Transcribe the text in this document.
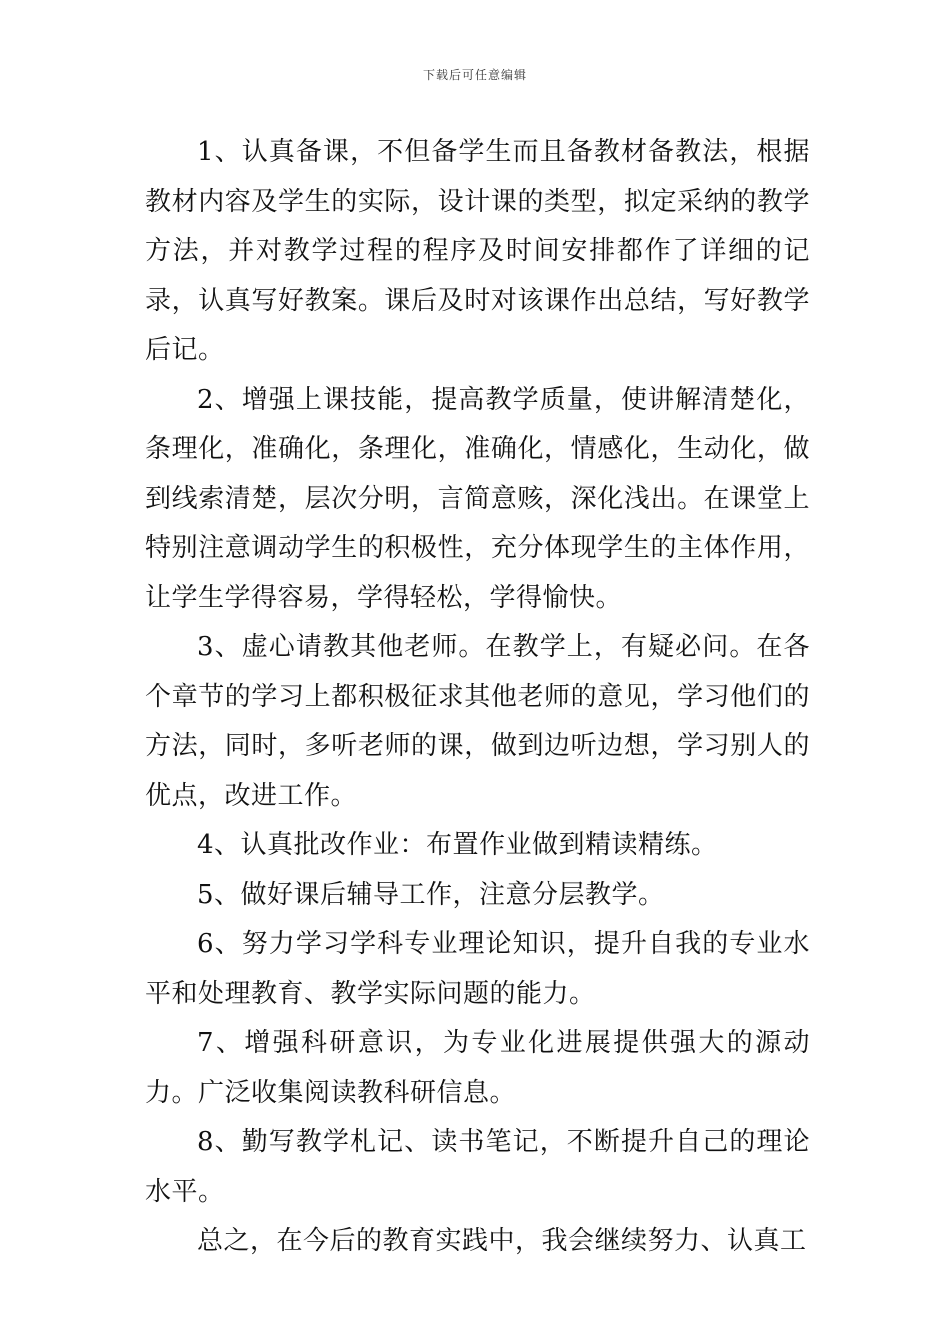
下载后可任意编辑

1、认真备课，不但备学生而且备教材备教法，根据教材内容及学生的实际，设计课的类型，拟定采纳的教学方法，并对教学过程的程序及时间安排都作了详细的记录，认真写好教案。课后及时对该课作出总结，写好教学后记。

2、增强上课技能，提高教学质量，使讲解清楚化，条理化，准确化，条理化，准确化，情感化，生动化，做到线索清楚，层次分明，言简意赅，深化浅出。在课堂上特别注意调动学生的积极性，充分体现学生的主体作用，让学生学得容易，学得轻松，学得愉快。

3、虚心请教其他老师。在教学上，有疑必问。在各个章节的学习上都积极征求其他老师的意见，学习他们的方法，同时，多听老师的课，做到边听边想，学习别人的优点，改进工作。

4、认真批改作业：布置作业做到精读精练。

5、做好课后辅导工作，注意分层教学。

6、努力学习学科专业理论知识，提升自我的专业水平和处理教育、教学实际问题的能力。

7、增强科研意识，为专业化进展提供强大的源动力。广泛收集阅读教科研信息。

8、勤写教学札记、读书笔记，不断提升自己的理论水平。

总之，在今后的教育实践中，我会继续努力、认真工
